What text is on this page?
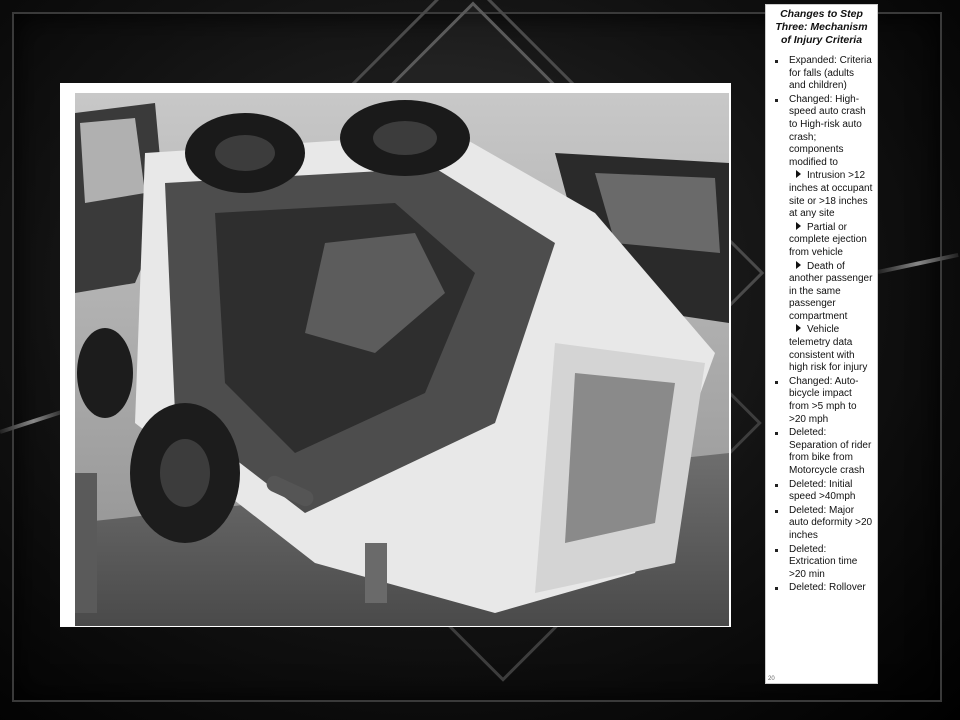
Changes to Step Three: Mechanism of Injury Criteria
Expanded: Criteria for falls (adults and children)
Changed: High-speed auto crash to High-risk auto crash; components modified to
Intrusion >12 inches at occupant site or >18 inches at any site
Partial or complete ejection from vehicle
Death of another passenger in the same passenger compartment
Vehicle telemetry data consistent with high risk for injury
Changed: Auto-bicycle impact from >5 mph to >20 mph
Deleted: Separation of rider from bike from Motorcycle crash
Deleted: Initial speed >40mph
Deleted: Major auto deformity >20 inches
Deleted: Extrication time >20 min
Deleted: Rollover
20
